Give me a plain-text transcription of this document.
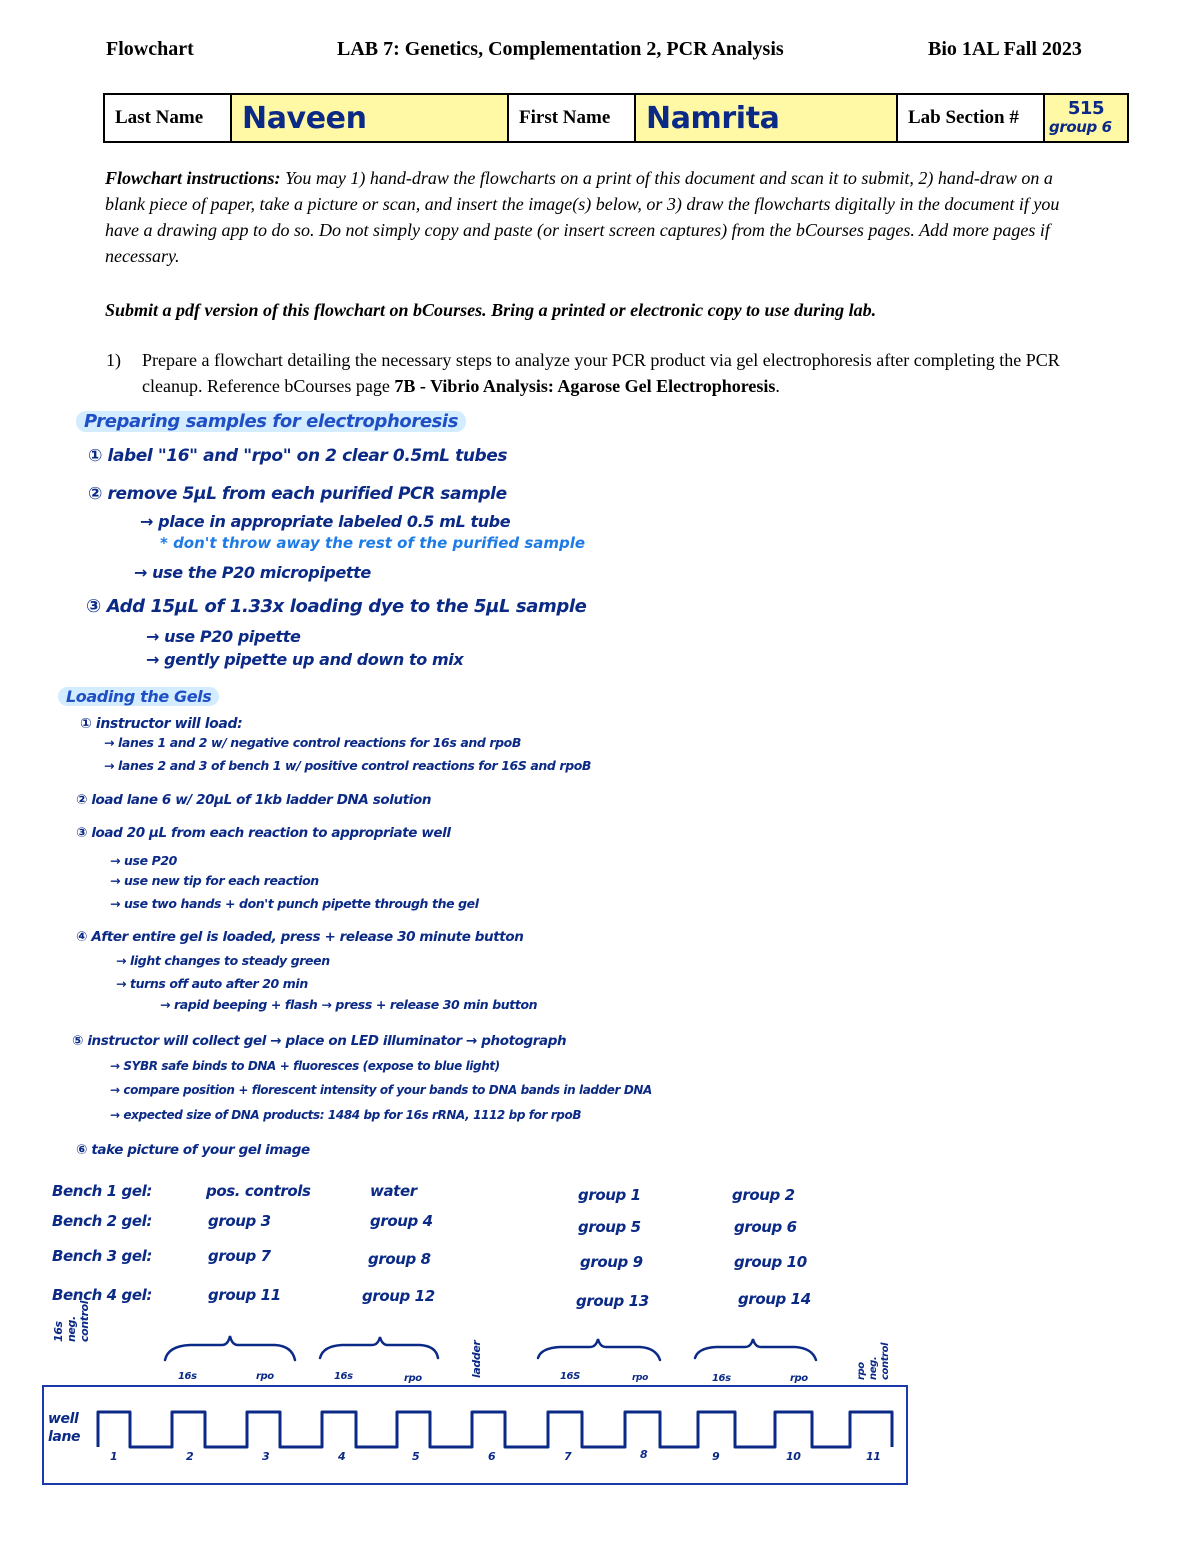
Flowchart	LAB 7: Genetics, Complementation 2, PCR Analysis	Bio 1AL Fall 2023
Last Name	Naveen	First Name	Namrita	Lab Section #	515
group 6
Flowchart instructions: You may 1) hand-draw the flowcharts on a print of this document and scan it to submit, 2) hand-draw on a blank piece of paper, take a picture or scan, and insert the image(s) below, or 3) draw the flowcharts digitally in the document if you have a drawing app to do so. Do not simply copy and paste (or insert screen captures) from the bCourses pages. Add more pages if necessary.
Submit a pdf version of this flowchart on bCourses. Bring a printed or electronic copy to use during lab.
1) Prepare a flowchart detailing the necessary steps to analyze your PCR product via gel electrophoresis after completing the PCR cleanup. Reference bCourses page 7B - Vibrio Analysis: Agarose Gel Electrophoresis.
Preparing samples for electrophoresis
① label "16" and "rpo" on 2 clear 0.5mL tubes
② remove 5µL from each purified PCR sample
→ place in appropriate labeled 0.5 mL tube
* don't throw away the rest of the purified sample
→ use the P20 micropipette
③ Add 15µL of 1.33x loading dye to the 5µL sample
→ use P20 pipette
→ gently pipette up and down to mix
Loading the Gels
① instructor will load:
→ lanes 1 and 2 w/ negative control reactions for 16s and rpoB
→ lanes 2 and 3 of bench 1 w/ positive control reactions for 16S and rpoB
② load lane 6 w/ 20µL of 1kb ladder DNA solution
③ load 20 µL from each reaction to appropriate well
→ use P20
→ use new tip for each reaction
→ use two hands + don't punch pipette through the gel
④ After entire gel is loaded, press + release 30 minute button
→ light changes to steady green
→ turns off auto after 20 min
→ rapid beeping + flash → press + release 30 min button
⑤ instructor will collect gel → place on LED illuminator → photograph
→ SYBR safe binds to DNA + fluoresces (expose to blue light)
→ compare position + florescent intensity of your bands to DNA bands in ladder DNA
→ expected size of DNA products: 1484 bp for 16s rRNA, 1112 bp for rpoB
⑥ take picture of your gel image
Bench 1 gel:	pos. controls	water	group 1	group 2
Bench 2 gel:	group 3	group 4	group 5	group 6
Bench 3 gel:	group 7	group 8	group 9	group 10
Bench 4 gel:	group 11	group 12	group 13	group 14
16s neg. control
ladder	rpo neg. control
16s	rpo	16s	rpo	16S	rpo	16s	rpo
well lane
1	2	3	4	5	6	7	8	9	10	11
